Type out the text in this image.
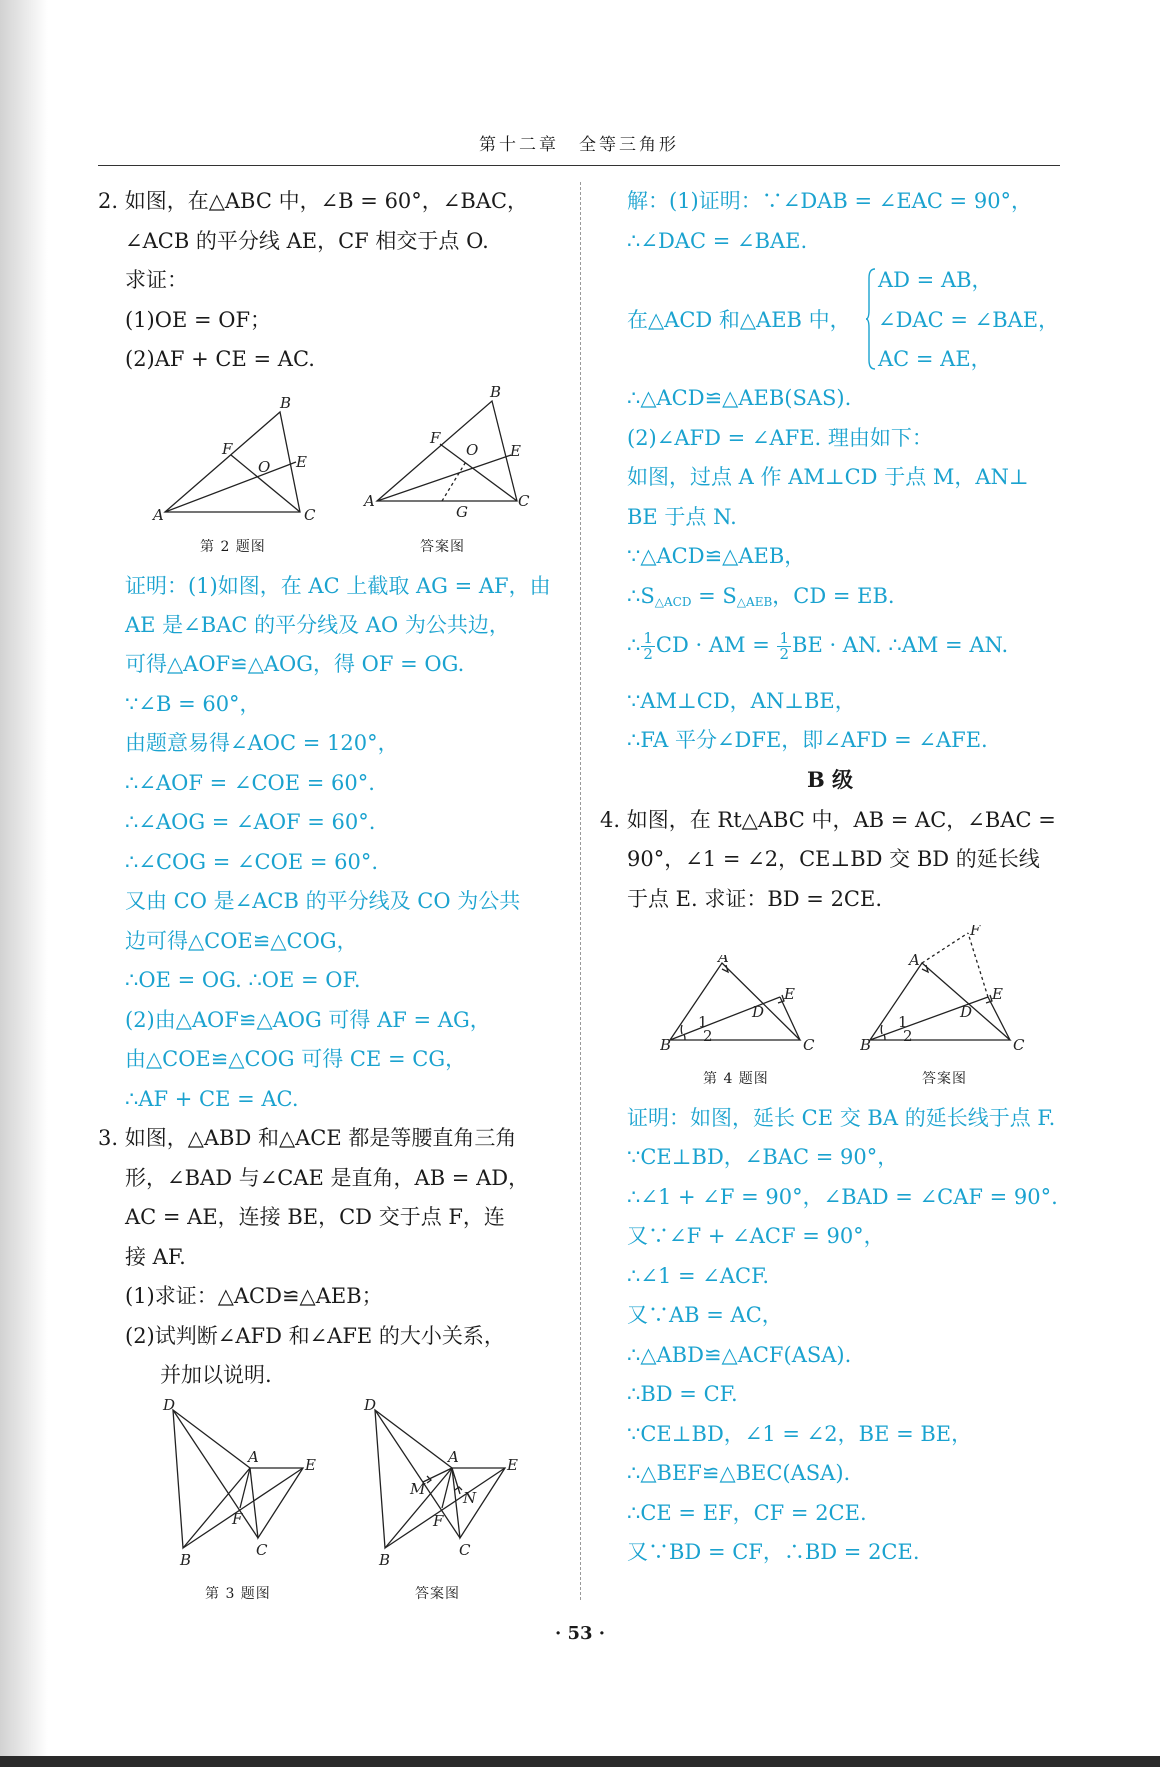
第十二章　全等三角形
2. 如图，在△ABC 中，∠B = 60°，∠BAC，
∠ACB 的平分线 AE，CF 相交于点 O.
求证：
(1)OE = OF；
(2)AF + CE = AC.
B
F
O E
A	C
第 2 题图
B
F
O E
A
G
C
答案图
证明：(1)如图，在 AC 上截取 AG = AF，由
AE 是∠BAC 的平分线及 AO 为公共边，
可得△AOF≌△AOG，得 OF = OG.
∵∠B = 60°，
由题意易得∠AOC = 120°，
∴∠AOF = ∠COE = 60°.
∴∠AOG = ∠AOF = 60°.
∴∠COG = ∠COE = 60°.
又由 CO 是∠ACB 的平分线及 CO 为公共
边可得△COE≌△COG，
∴OE = OG. ∴OE = OF.
(2)由△AOF≌△AOG 可得 AF = AG，
由△COE≌△COG 可得 CE = CG，
∴AF + CE = AC.
3. 如图，△ABD 和△ACE 都是等腰直角三角
形，∠BAD 与∠CAE 是直角，AB = AD，
AC = AE，连接 BE，CD 交于点 F，连
接 AF.
(1)求证：△ACD≌△AEB；
(2)试判断∠AFD 和∠AFE 的大小关系，
并加以说明.
D
A	E
F
C
B
第 3 题图
D
A	E
M	N
F
C
B
答案图
解：(1)证明：∵∠DAB = ∠EAC = 90°，
∴∠DAC = ∠BAE.
在△ACD 和△AEB 中，
AD = AB，
∠DAC = ∠BAE，
AC = AE，
∴△ACD≌△AEB(SAS).
(2)∠AFD = ∠AFE. 理由如下：
如图，过点 A 作 AM⊥CD 于点 M，AN⊥
BE 于点 N.
∵△ACD≌△AEB，
$\therefore S_{\triangle ACD} = S_{\triangle AEB}$，CD = EB.
∴ $\frac{1}{2}$ CD · AM = $\frac{1}{2}$ BE · AN. ∴AM = AN.
∵AM⊥CD，AN⊥BE，
∴FA 平分∠DFE，即∠AFD = ∠AFE.
B 级
4. 如图，在 Rt△ABC 中，AB = AC，∠BAC =
90°，∠1 = ∠2，CE⊥BD 交 BD 的延长线
于点 E. 求证：BD = 2CE.
A
E
D
1
2
B	C
第 4 题图
F
A
E
D
1
2
B	C
答案图
证明：如图，延长 CE 交 BA 的延长线于点 F.
∵CE⊥BD，∠BAC = 90°，
∴∠1 + ∠F = 90°，∠BAD = ∠CAF = 90°.
又∵∠F + ∠ACF = 90°，
∴∠1 = ∠ACF.
又∵AB = AC，
∴△ABD≌△ACF(ASA).
∴BD = CF.
∵CE⊥BD，∠1 = ∠2，BE = BE，
∴△BEF≌△BEC(ASA).
∴CE = EF，CF = 2CE.
又∵BD = CF，∴BD = 2CE.
· 53 ·
